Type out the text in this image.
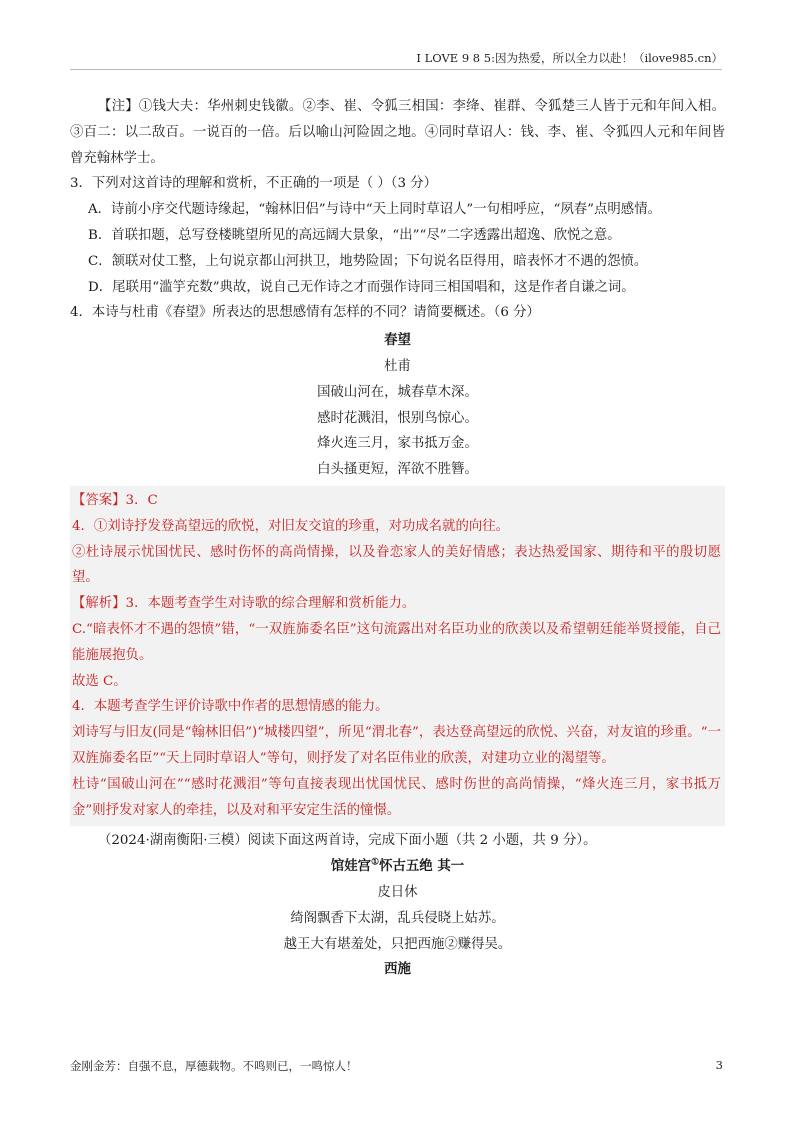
I LOVE 9 8 5:因为热爱，所以全力以赴！（ilove985.cn）

【注】①钱大夫：华州刺史钱徽。②李、崔、令狐三相国：李绛、崔群、令狐楚三人皆于元和年间入相。③百二：以二敌百。一说百的一倍。后以喻山河险固之地。④同时草诏人：钱、李、崔、令狐四人元和年间皆曾充翰林学士。

3．下列对这首诗的理解和赏析，不正确的一项是（ ）（3 分）

A．诗前小序交代题诗缘起，“翰林旧侣”与诗中“天上同时草诏人”一句相呼应，“夙春”点明感情。

B．首联扣题，总写登楼眺望所见的高远阔大景象，“出”“尽”二字透露出超逸、欣悦之意。

C．颔联对仗工整，上句说京都山河拱卫，地势险固；下句说名臣得用，暗表怀才不遇的怨愤。

D．尾联用“滥竽充数”典故，说自己无作诗之才而强作诗同三相国唱和，这是作者自谦之词。

4．本诗与杜甫《春望》所表达的思想感情有怎样的不同？请简要概述。（6 分）

春望

杜甫

国破山河在，城春草木深。

感时花溅泪，恨别鸟惊心。

烽火连三月，家书抵万金。

白头搔更短，浑欲不胜簪。

【答案】3．C

4．①刘诗抒发登高望远的欣悦，对旧友交谊的珍重，对功成名就的向往。

②杜诗展示忧国忧民、感时伤怀的高尚情操，以及眷恋家人的美好情感；表达热爱国家、期待和平的殷切愿望。

【解析】3．本题考查学生对诗歌的综合理解和赏析能力。

C.“暗表怀才不遇的怨愤”错，“一双旌旆委名臣”这句流露出对名臣功业的欣羡以及希望朝廷能举贤授能，自己能施展抱负。

故选 C。

4．本题考查学生评价诗歌中作者的思想情感的能力。

刘诗写与旧友(同是“翰林旧侣”)“城楼四望”，所见“渭北春”，表达登高望远的欣悦、兴奋，对友谊的珍重。“一双旌旆委名臣”“天上同时草诏人”等句，则抒发了对名臣伟业的欣羡，对建功立业的渴望等。

杜诗“国破山河在”“感时花溅泪”等句直接表现出忧国忧民、感时伤世的高尚情操，“烽火连三月，家书抵万金”则抒发对家人的牵挂，以及对和平安定生活的憧憬。

（2024·湖南衡阳·三模）阅读下面这两首诗，完成下面小题（共 2 小题，共 9 分）。

馆娃宫①怀古五绝 其一

皮日休

绮阁飘香下太湖，乱兵侵晓上姑苏。

越王大有堪羞处，只把西施②赚得吴。

西施

金刚金芳：自强不息，厚德载物。不鸣则已，一鸣惊人！	3
